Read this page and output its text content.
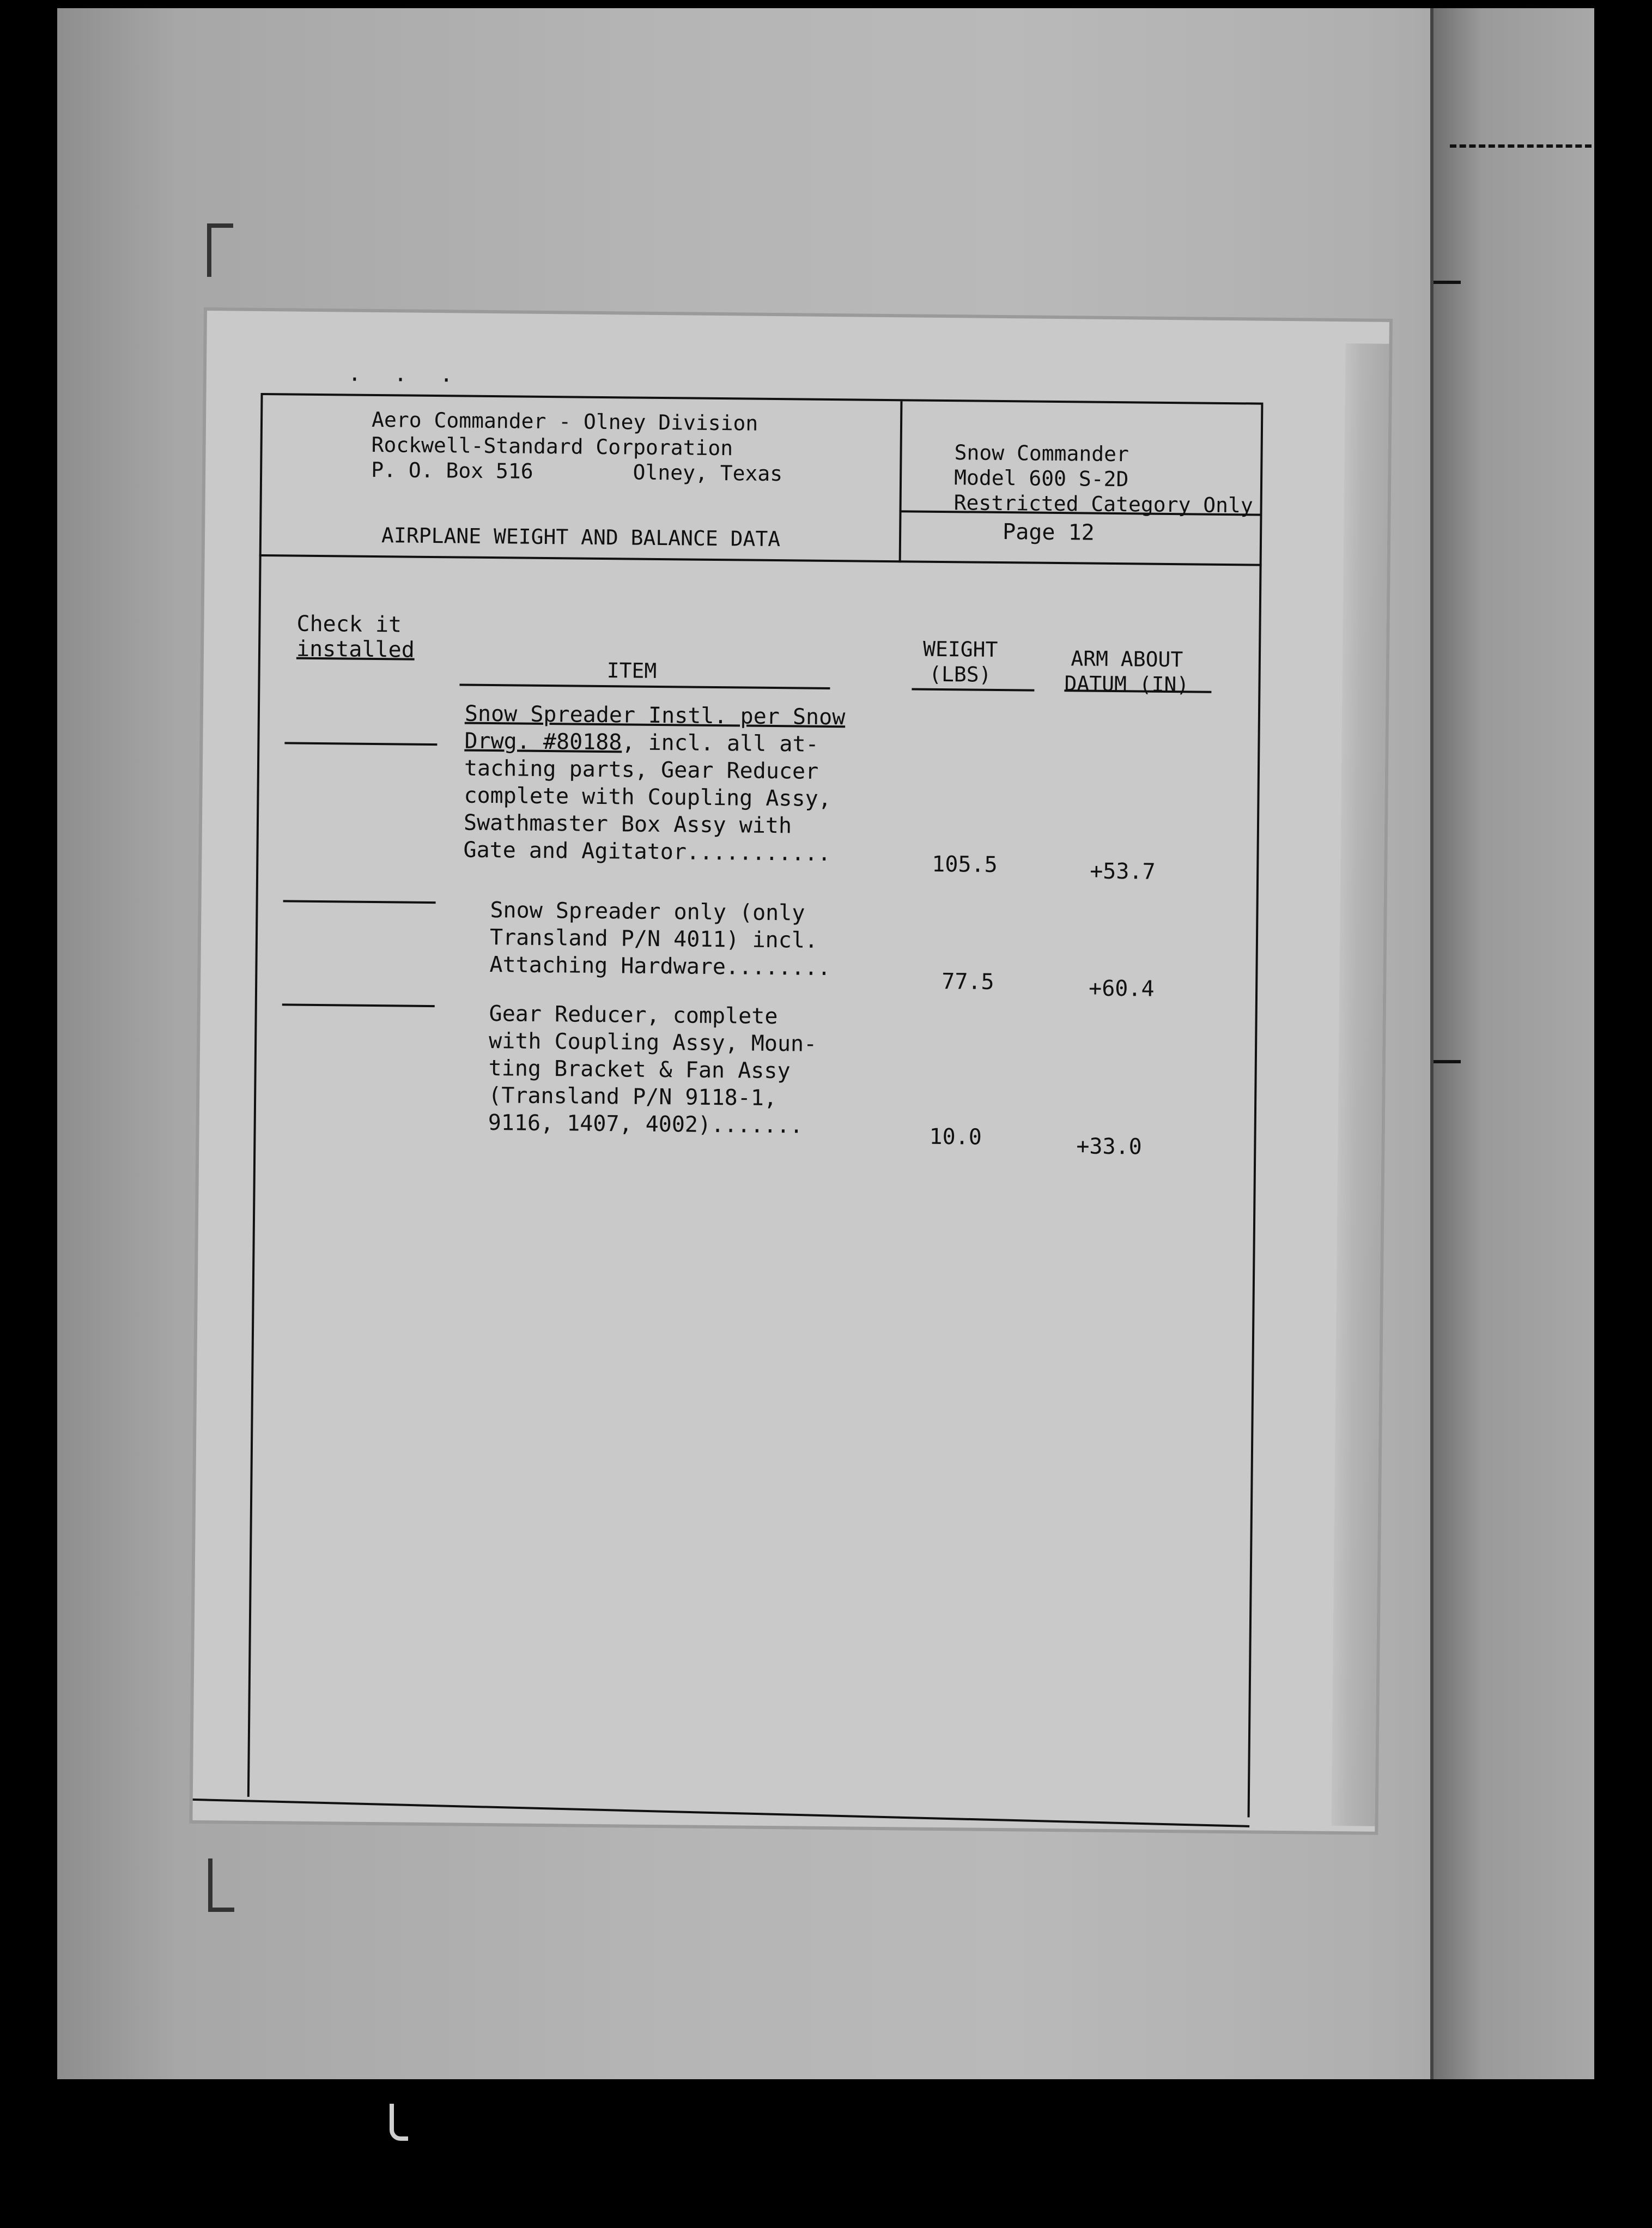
. . .
Aero Commander - Olney Division
Rockwell-Standard Corporation
P. O. Box 516        Olney, Texas
AIRPLANE WEIGHT AND BALANCE DATA
Snow Commander
Model 600 S-2D
Restricted Category Only
Page 12
Check it
installed
ITEM
WEIGHT
(LBS)
ARM ABOUT
DATUM (IN)
Snow Spreader Instl. per Snow
Drwg. #80188, incl. all at-
taching parts, Gear Reducer
complete with Coupling Assy,
Swathmaster Box Assy with
Gate and Agitator...........	105.5	+53.7
Snow Spreader only (only
Transland P/N 4011) incl.
Attaching Hardware........
77.5	+60.4
Gear Reducer, complete
with Coupling Assy, Moun-
ting Bracket & Fan Assy
(Transland P/N 9118-1,
9116, 1407, 4002).......	10.0	+33.0
